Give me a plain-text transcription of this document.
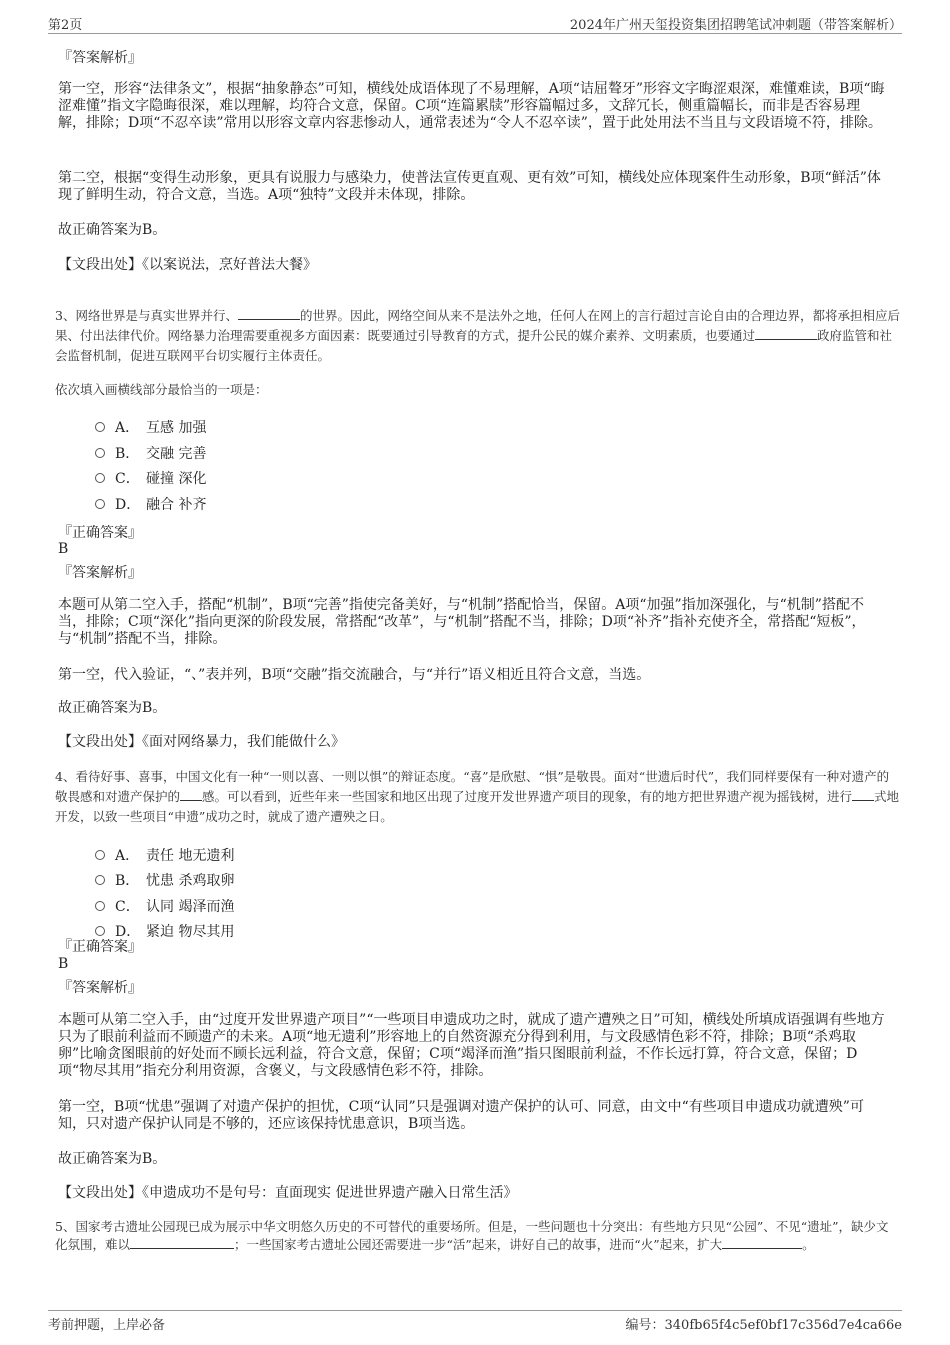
第2页	2024年广州天玺投资集团招聘笔试冲刺题（带答案解析）
『答案解析』
第一空，形容“法律条文”，根据“抽象静态”可知，横线处成语体现了不易理解，A项“诘屈聱牙”形容文字晦涩艰深，难懂难读，B项“晦涩难懂”指文字隐晦很深，难以理解，均符合文意，保留。C项“连篇累牍”形容篇幅过多，文辞冗长，侧重篇幅长，而非是否容易理解，排除；D项“不忍卒读”常用以形容文章内容悲惨动人，通常表述为“令人不忍卒读”，置于此处用法不当且与文段语境不符，排除。
第二空，根据“变得生动形象，更具有说服力与感染力，使普法宣传更直观、更有效”可知，横线处应体现案件生动形象，B项“鲜活”体现了鲜明生动，符合文意，当选。A项“独特”文段并未体现，排除。
故正确答案为B。
【文段出处】《以案说法，烹好普法大餐》
3、网络世界是与真实世界并行、	的世界。因此，网络空间从来不是法外之地，任何人在网上的言行超过言论自由的合理边界，都将承担相应后果、付出法律代价。网络暴力治理需要重视多方面因素：既要通过引导教育的方式，提升公民的媒介素养、文明素质，也要通过	政府监管和社会监督机制，促进互联网平台切实履行主体责任。
依次填入画横线部分最恰当的一项是：
A． 互感 加强
B． 交融 完善
C． 碰撞 深化
D． 融合 补齐
『正确答案』
B
『答案解析』
本题可从第二空入手，搭配“机制”，B项“完善”指使完备美好，与“机制”搭配恰当，保留。A项“加强”指加深强化，与“机制”搭配不当，排除；C项“深化”指向更深的阶段发展，常搭配“改革”，与“机制”搭配不当，排除；D项“补齐”指补充使齐全，常搭配“短板”，与“机制”搭配不当，排除。
第一空，代入验证，“、”表并列，B项“交融”指交流融合，与“并行”语义相近且符合文意，当选。
故正确答案为B。
【文段出处】《面对网络暴力，我们能做什么》
4、看待好事、喜事，中国文化有一种“一则以喜、一则以惧”的辩证态度。“喜”是欣慰、“惧”是敬畏。面对“世遗后时代”，我们同样要保有一种对遗产的敬畏感和对遗产保护的 感。可以看到，近些年来一些国家和地区出现了过度开发世界遗产项目的现象，有的地方把世界遗产视为摇钱树，进行 式地开发，以致一些项目“申遗”成功之时，就成了遗产遭殃之日。
A． 责任 地无遗利
B． 忧患 杀鸡取卵
C． 认同 竭泽而渔
D． 紧迫 物尽其用
『正确答案』
B
『答案解析』
本题可从第二空入手，由“过度开发世界遗产项目”“一些项目申遗成功之时，就成了遗产遭殃之日”可知，横线处所填成语强调有些地方只为了眼前利益而不顾遗产的未来。A项“地无遗利”形容地上的自然资源充分得到利用，与文段感情色彩不符，排除；B项“杀鸡取卵”比喻贪图眼前的好处而不顾长远利益，符合文意，保留；C项“竭泽而渔”指只图眼前利益，不作长远打算，符合文意，保留；D项“物尽其用”指充分利用资源，含褒义，与文段感情色彩不符，排除。
第一空，B项“忧患”强调了对遗产保护的担忧，C项“认同”只是强调对遗产保护的认可、同意，由文中“有些项目申遗成功就遭殃”可知，只对遗产保护认同是不够的，还应该保持忧患意识，B项当选。
故正确答案为B。
【文段出处】《申遗成功不是句号：直面现实 促进世界遗产融入日常生活》
5、国家考古遗址公园现已成为展示中华文明悠久历史的不可替代的重要场所。但是，一些问题也十分突出：有些地方只见“公园”、不见“遗址”，缺少文化氛围，难以	；一些国家考古遗址公园还需要进一步“活”起来，讲好自己的故事，进而“火”起来，扩大	。
考前押题，上岸必备	编号：340fb65f4c5ef0bf17c356d7e4ca66e
